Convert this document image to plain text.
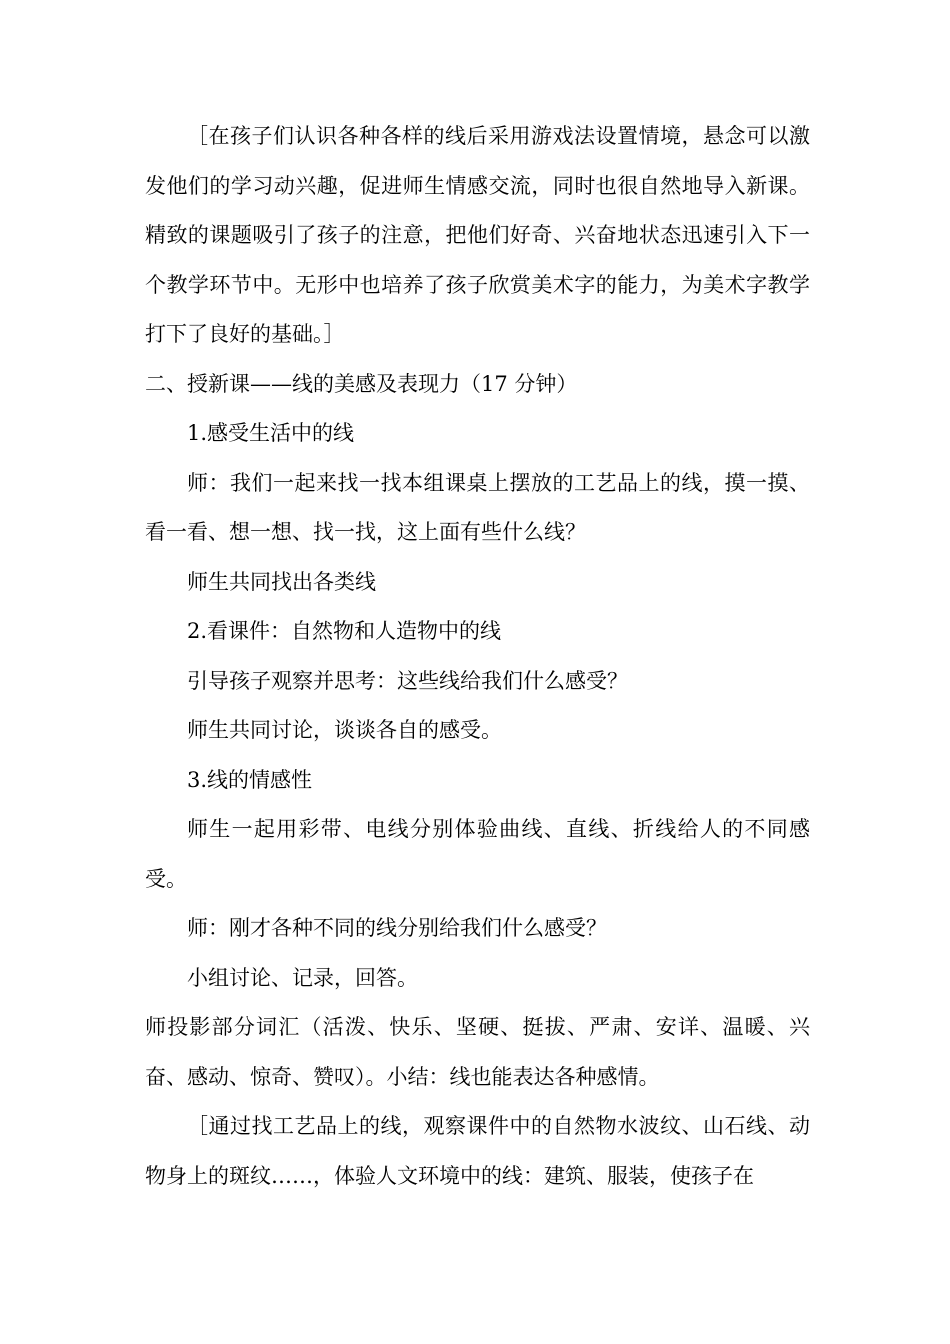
［在孩子们认识各种各样的线后采用游戏法设置情境，悬念可以激发他们的学习动兴趣，促进师生情感交流，同时也很自然地导入新课。精致的课题吸引了孩子的注意，把他们好奇、兴奋地状态迅速引入下一个教学环节中。无形中也培养了孩子欣赏美术字的能力，为美术字教学打下了良好的基础。］

二、授新课——线的美感及表现力（17 分钟）

1.感受生活中的线

师：我们一起来找一找本组课桌上摆放的工艺品上的线，摸一摸、看一看、想一想、找一找，这上面有些什么线？

师生共同找出各类线

2.看课件：自然物和人造物中的线

引导孩子观察并思考：这些线给我们什么感受？

师生共同讨论，谈谈各自的感受。

3.线的情感性

师生一起用彩带、电线分别体验曲线、直线、折线给人的不同感受。

师：刚才各种不同的线分别给我们什么感受？

小组讨论、记录，回答。

师投影部分词汇（活泼、快乐、坚硬、挺拔、严肃、安详、温暖、兴奋、感动、惊奇、赞叹）。小结：线也能表达各种感情。

［通过找工艺品上的线，观察课件中的自然物水波纹、山石线、动物身上的斑纹……，体验人文环境中的线：建筑、服装，使孩子在
